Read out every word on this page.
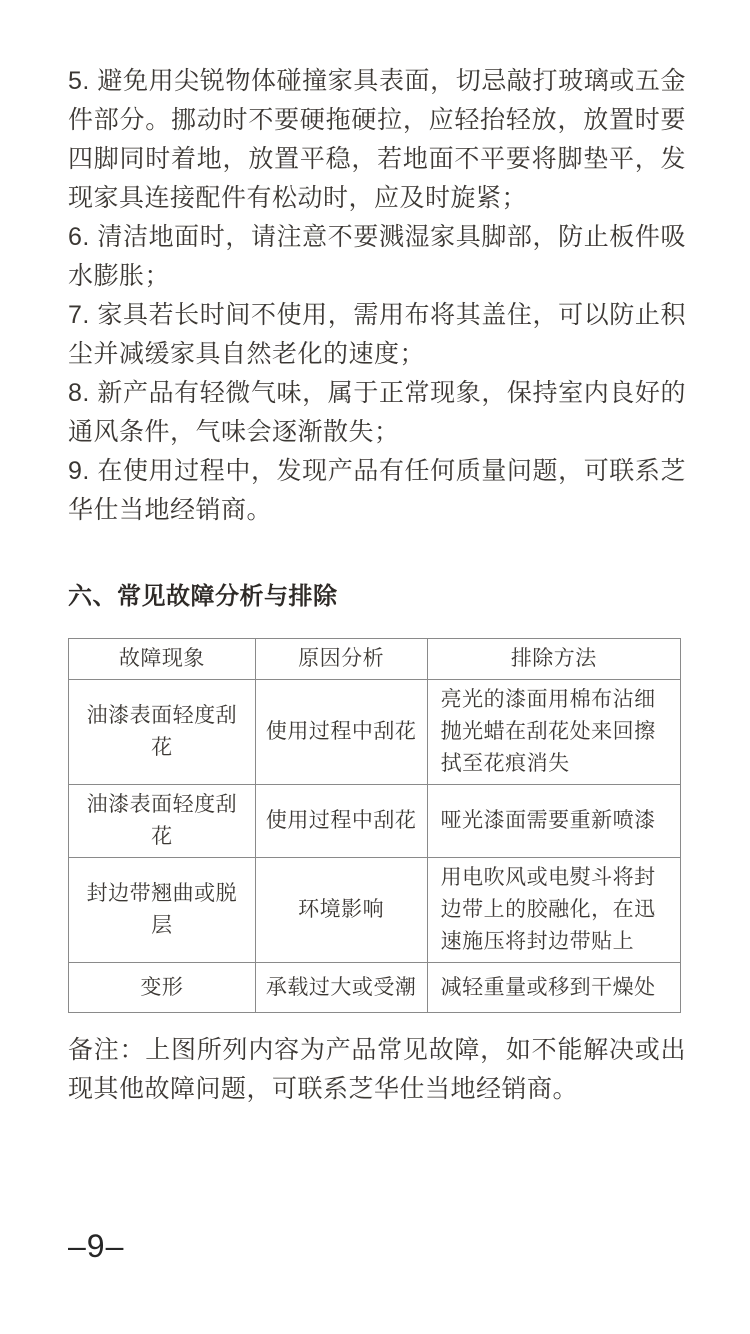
5. 避免用尖锐物体碰撞家具表面，切忌敲打玻璃或五金件部分。挪动时不要硬拖硬拉，应轻抬轻放，放置时要四脚同时着地，放置平稳，若地面不平要将脚垫平，发现家具连接配件有松动时，应及时旋紧；

6. 清洁地面时，请注意不要溅湿家具脚部，防止板件吸水膨胀；

7. 家具若长时间不使用，需用布将其盖住，可以防止积尘并减缓家具自然老化的速度；

8. 新产品有轻微气味，属于正常现象，保持室内良好的通风条件，气味会逐渐散失；

9. 在使用过程中，发现产品有任何质量问题，可联系芝华仕当地经销商。

六、常见故障分析与排除
故障现象	原因分析	排除方法
油漆表面轻度刮花	使用过程中刮花	亮光的漆面用棉布沾细抛光蜡在刮花处来回擦拭至花痕消失
油漆表面轻度刮花	使用过程中刮花	哑光漆面需要重新喷漆
封边带翘曲或脱层	环境影响	用电吹风或电熨斗将封边带上的胶融化，在迅速施压将封边带贴上
变形	承载过大或受潮	减轻重量或移到干燥处

备注：上图所列内容为产品常见故障，如不能解决或出现其他故障问题，可联系芝华仕当地经销商。

–9–
